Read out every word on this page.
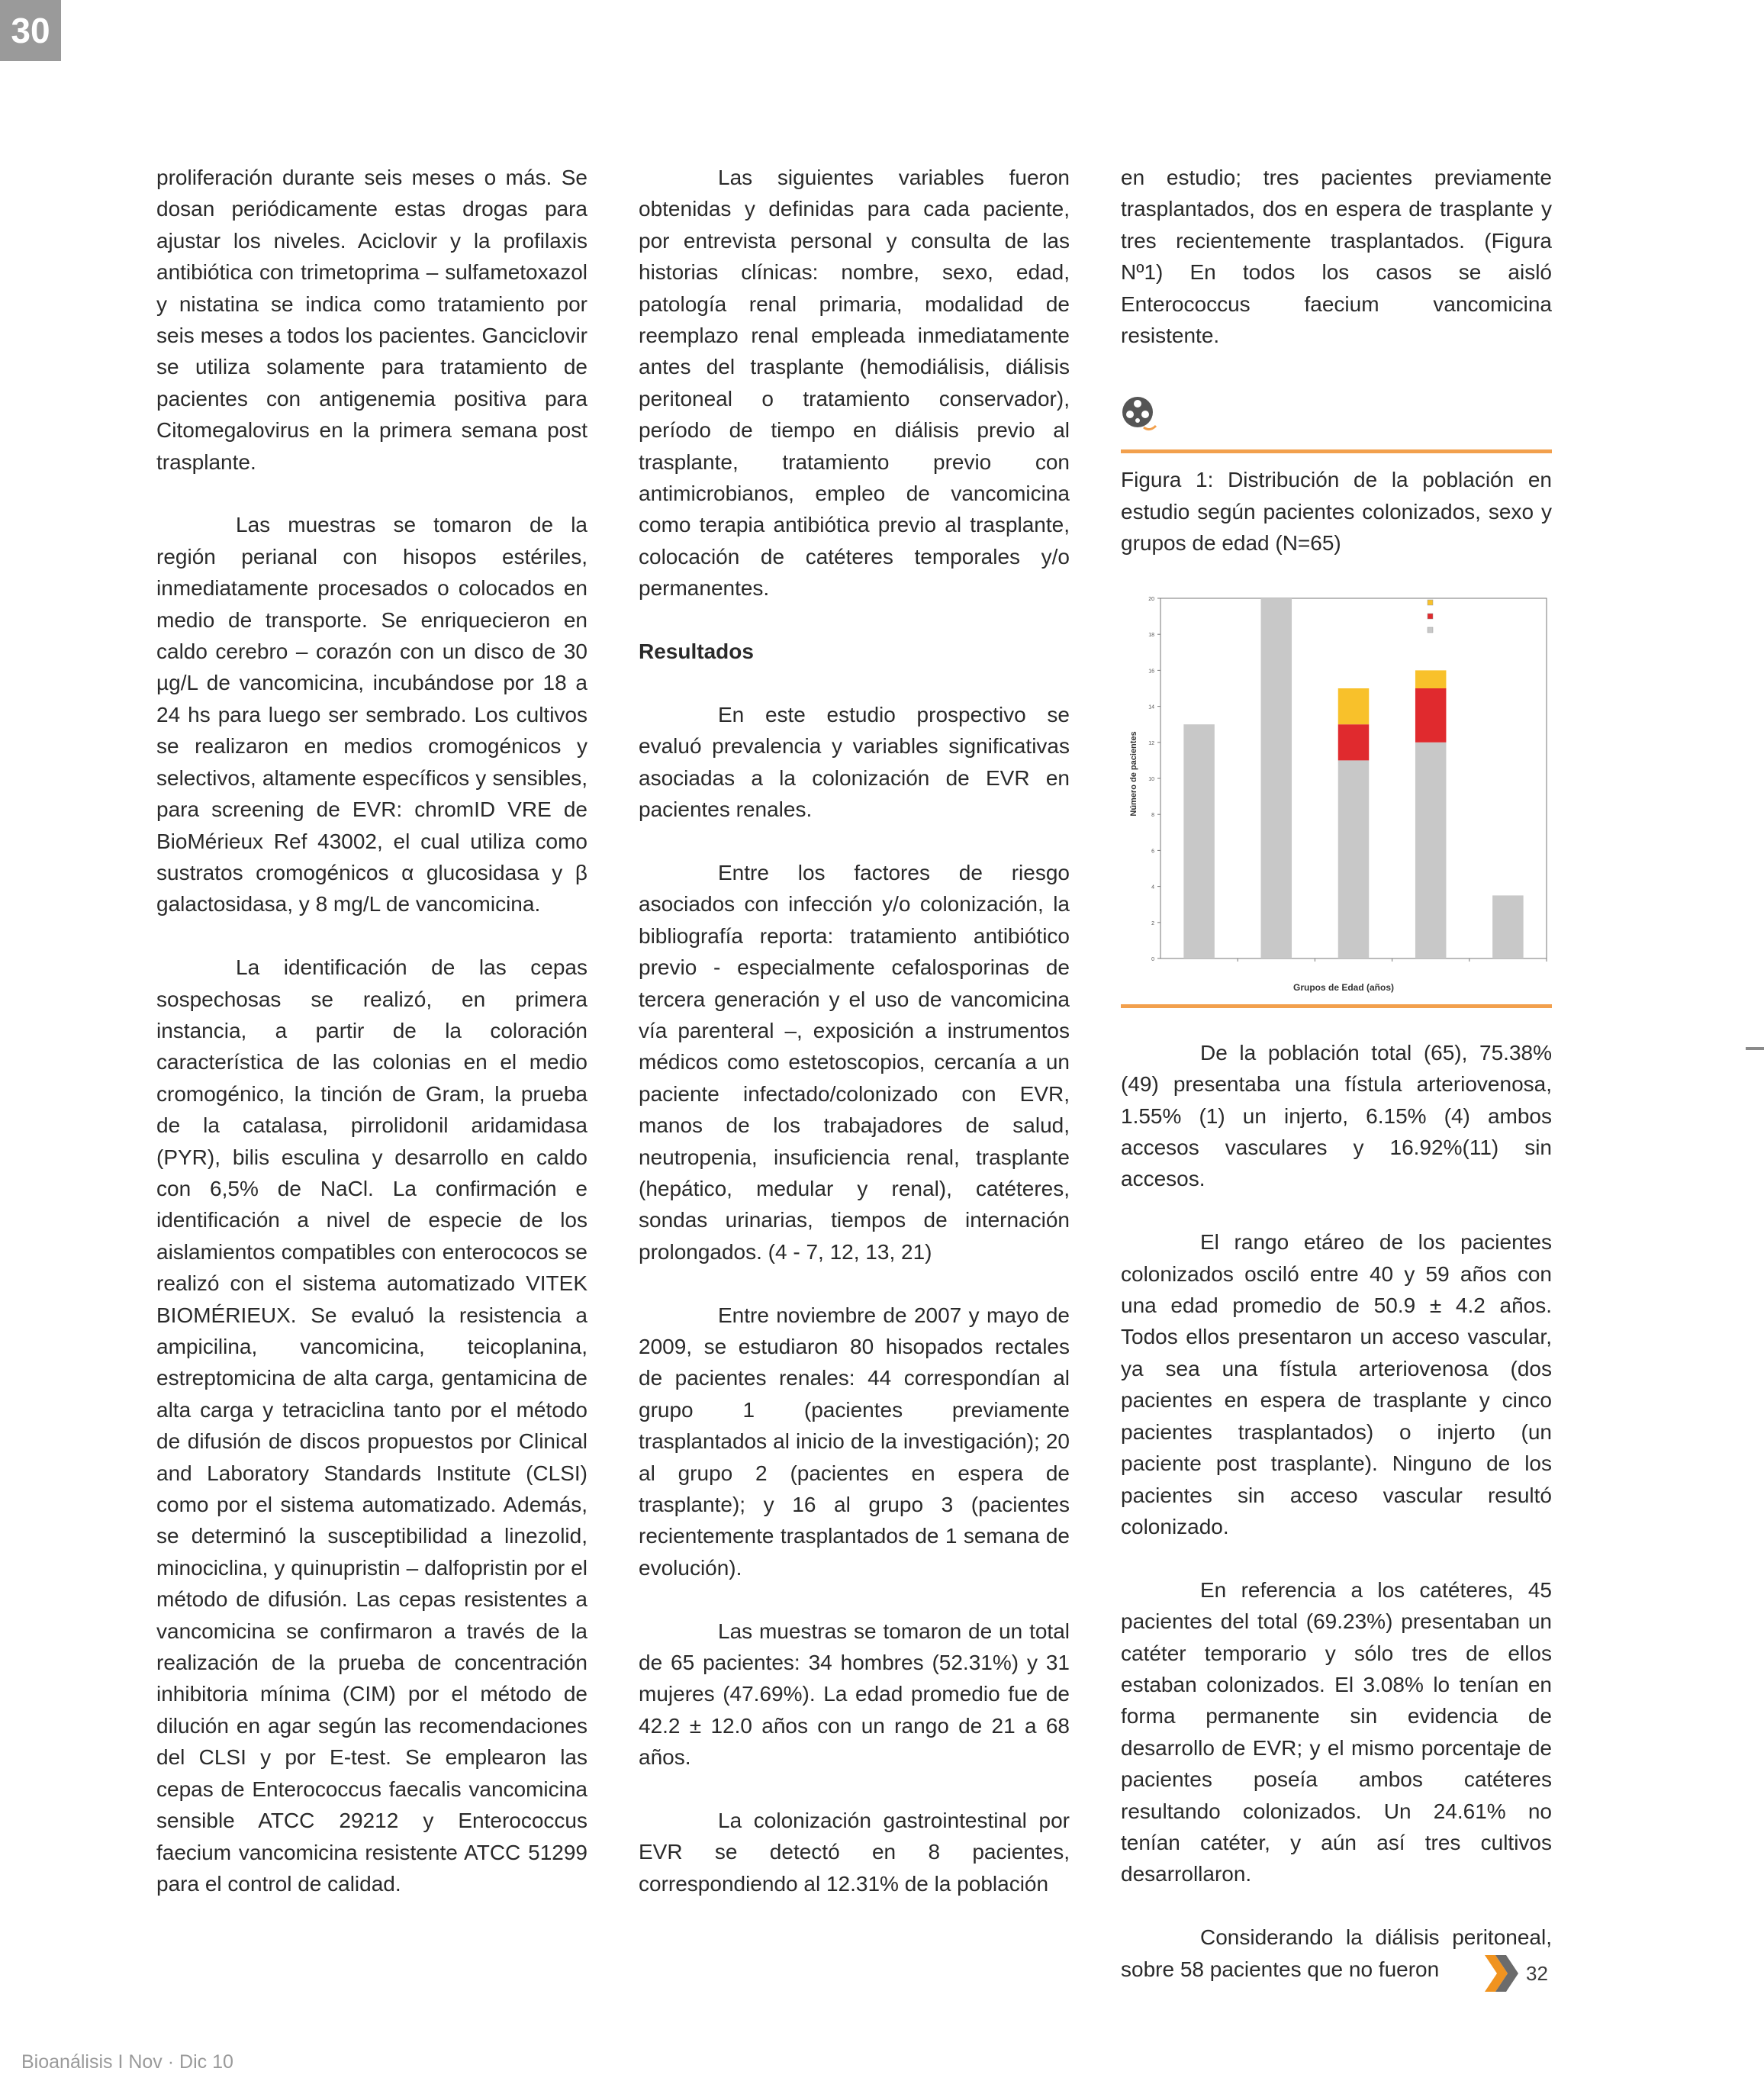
30

proliferación durante seis meses o más. Se dosan periódicamente estas drogas para ajustar los niveles. Aciclovir y la profilaxis antibiótica con trimetoprima – sulfametoxazol y nistatina se indica como tratamiento por seis meses a todos los pacientes. Ganciclovir se utiliza solamente para tratamiento de pacientes con antigenemia positiva para Citomegalovirus en la primera semana post trasplante.

Las muestras se tomaron de la región perianal con hisopos estériles, inmediatamente procesados o colocados en medio de transporte. Se enriquecieron en caldo cerebro – corazón con un disco de 30 µg/L de vancomicina, incubándose por 18 a 24 hs para luego ser sembrado. Los cultivos se realizaron en medios cromogénicos y selectivos, altamente específicos y sensibles, para screening de EVR: chromID VRE de BioMérieux Ref 43002, el cual utiliza como sustratos cromogénicos α glucosidasa y β galactosidasa, y 8 mg/L de vancomicina.

La identificación de las cepas sospechosas se realizó, en primera instancia, a partir de la coloración característica de las colonias en el medio cromogénico, la tinción de Gram, la prueba de la catalasa, pirrolidonil aridamidasa (PYR), bilis esculina y desarrollo en caldo con 6,5% de NaCl. La confirmación e identificación a nivel de especie de los aislamientos compatibles con enterococos se realizó con el sistema automatizado VITEK BIOMÉRIEUX. Se evaluó la resistencia a ampicilina, vancomicina, teicoplanina, estreptomicina de alta carga, gentamicina de alta carga y tetraciclina tanto por el método de difusión de discos propuestos por Clinical and Laboratory Standards Institute (CLSI) como por el sistema automatizado. Además, se determinó la susceptibilidad a linezolid, minociclina, y quinupristin – dalfopristin por el método de difusión. Las cepas resistentes a vancomicina se confirmaron a través de la realización de la prueba de concentración inhibitoria mínima (CIM) por el método de dilución en agar según las recomendaciones del CLSI y por E-test. Se emplearon las cepas de Enterococcus faecalis vancomicina sensible ATCC 29212 y Enterococcus faecium vancomicina resistente ATCC 51299 para el control de calidad.

Las siguientes variables fueron obtenidas y definidas para cada paciente, por entrevista personal y consulta de las historias clínicas: nombre, sexo, edad, patología renal primaria, modalidad de reemplazo renal empleada inmediatamente antes del trasplante (hemodiálisis, diálisis peritoneal o tratamiento conservador), período de tiempo en diálisis previo al trasplante, tratamiento previo con antimicrobianos, empleo de vancomicina como terapia antibiótica previo al trasplante, colocación de catéteres temporales y/o permanentes.

Resultados

En este estudio prospectivo se evaluó prevalencia y variables significativas asociadas a la colonización de EVR en pacientes renales.

Entre los factores de riesgo asociados con infección y/o colonización, la bibliografía reporta: tratamiento antibiótico previo - especialmente cefalosporinas de tercera generación y el uso de vancomicina vía parenteral –, exposición a instrumentos médicos como estetoscopios, cercanía a un paciente infectado/colonizado con EVR, manos de los trabajadores de salud, neutropenia, insuficiencia renal, trasplante (hepático, medular y renal), catéteres, sondas urinarias, tiempos de internación prolongados. (4 - 7, 12, 13, 21)

Entre noviembre de 2007 y mayo de 2009, se estudiaron 80 hisopados rectales de pacientes renales: 44 correspondían al grupo 1 (pacientes previamente trasplantados al inicio de la investigación); 20 al grupo 2 (pacientes en espera de trasplante); y 16 al grupo 3 (pacientes recientemente trasplantados de 1 semana de evolución).

Las muestras se tomaron de un total de 65 pacientes: 34 hombres (52.31%) y 31 mujeres (47.69%). La edad promedio fue de 42.2 ± 12.0 años con un rango de 21 a 68 años.

La colonización gastrointestinal por EVR se detectó en 8 pacientes, correspondiendo al 12.31% de la población

en estudio; tres pacientes previamente trasplantados, dos en espera de trasplante y tres recientemente trasplantados. (Figura Nº1) En todos los casos se aisló Enterococcus faecium vancomicina resistente.

Figura 1: Distribución de la población en estudio según pacientes colonizados, sexo y grupos de edad (N=65)

0
2
4
6
8
10
12
14
16
18
20
Número de pacientes
Grupos de Edad (años)

De la población total (65), 75.38% (49) presentaba una fístula arteriovenosa, 1.55% (1) un injerto, 6.15% (4) ambos accesos vasculares y 16.92%(11) sin accesos.

El rango etáreo de los pacientes colonizados osciló entre 40 y 59 años con una edad promedio de 50.9 ± 4.2 años. Todos ellos presentaron un acceso vascular, ya sea una fístula arteriovenosa (dos pacientes en espera de trasplante y cinco pacientes trasplantados) o injerto (un paciente post trasplante). Ninguno de los pacientes sin acceso vascular resultó colonizado.

En referencia a los catéteres, 45 pacientes del total (69.23%) presentaban un catéter temporario y sólo tres de ellos estaban colonizados. El 3.08% lo tenían en forma permanente sin evidencia de desarrollo de EVR; y el mismo porcentaje de pacientes poseía ambos catéteres resultando colonizados. Un 24.61% no tenían catéter, y aún así tres cultivos desarrollaron.

Considerando la diálisis peritoneal, sobre 58 pacientes que no fueron	32
Bioanálisis I Nov · Dic 10
